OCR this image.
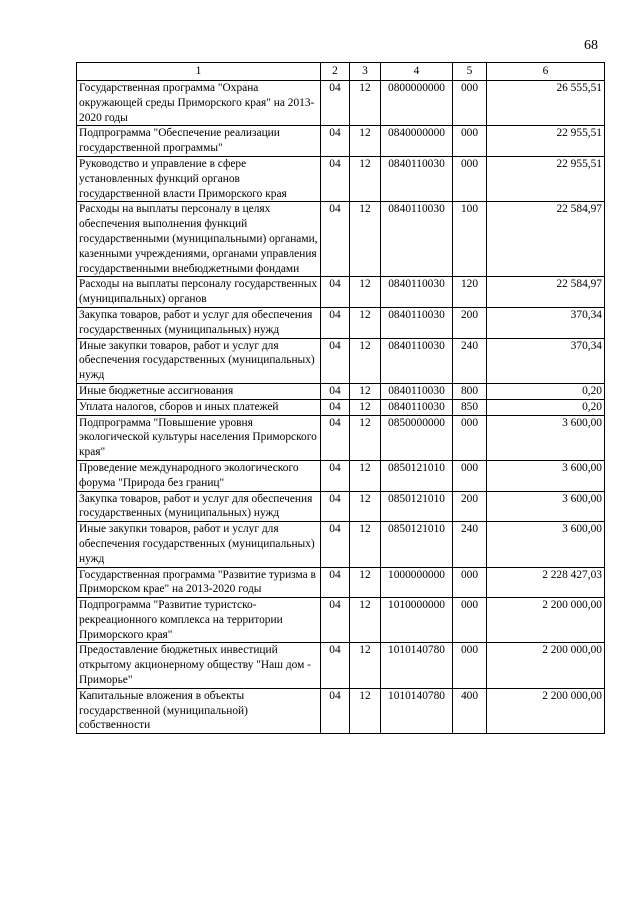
68
1	2	3	4	5	6
Государственная программа "Охрана окружающей среды Приморского края" на 2013-2020 годы	04	12	0800000000	000	26 555,51
Подпрограмма "Обеспечение реализации государственной программы"	04	12	0840000000	000	22 955,51
Руководство и управление в сфере установленных функций органов государственной власти Приморского края	04	12	0840110030	000	22 955,51
Расходы на выплаты персоналу в целях обеспечения выполнения функций государственными (муниципальными) органами, казенными учреждениями, органами управления государственными внебюджетными фондами	04	12	0840110030	100	22 584,97
Расходы на выплаты персоналу государственных (муниципальных) органов	04	12	0840110030	120	22 584,97
Закупка товаров, работ и услуг для обеспечения государственных (муниципальных) нужд	04	12	0840110030	200	370,34
Иные закупки товаров, работ и услуг для обеспечения государственных (муниципальных) нужд	04	12	0840110030	240	370,34
Иные бюджетные ассигнования	04	12	0840110030	800	0,20
Уплата налогов, сборов и иных платежей	04	12	0840110030	850	0,20
Подпрограмма "Повышение уровня экологической культуры населения Приморского края"	04	12	0850000000	000	3 600,00
Проведение международного экологического форума "Природа без границ"	04	12	0850121010	000	3 600,00
Закупка товаров, работ и услуг для обеспечения государственных (муниципальных) нужд	04	12	0850121010	200	3 600,00
Иные закупки товаров, работ и услуг для обеспечения государственных (муниципальных) нужд	04	12	0850121010	240	3 600,00
Государственная программа "Развитие туризма в Приморском крае" на 2013-2020 годы	04	12	1000000000	000	2 228 427,03
Подпрограмма "Развитие туристско-рекреационного комплекса на территории Приморского края"	04	12	1010000000	000	2 200 000,00
Предоставление бюджетных инвестиций открытому акционерному обществу "Наш дом - Приморье"	04	12	1010140780	000	2 200 000,00
Капитальные вложения в объекты государственной (муниципальной) собственности	04	12	1010140780	400	2 200 000,00
